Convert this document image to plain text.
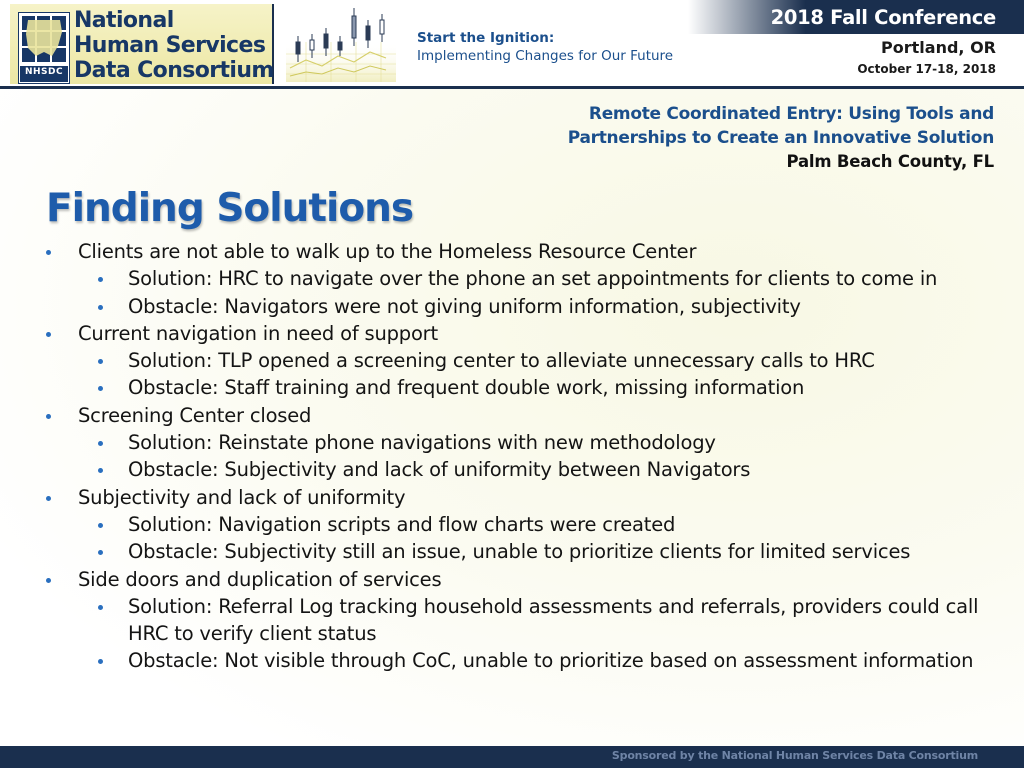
NHSDC
National
Human Services
Data Consortium
Start the Ignition:
Implementing Changes for Our Future
2018 Fall Conference
Portland, OR
October 17-18, 2018
Remote Coordinated Entry: Using Tools and
Partnerships to Create an Innovative Solution
Palm Beach County, FL
Finding Solutions
Clients are not able to walk up to the Homeless Resource Center
Solution: HRC to navigate over the phone an set appointments for clients to come in
Obstacle: Navigators were not giving uniform information, subjectivity
Current navigation in need of support
Solution: TLP opened a screening center to alleviate unnecessary calls to HRC
Obstacle: Staff training and frequent double work, missing information
Screening Center closed
Solution: Reinstate phone navigations with new methodology
Obstacle: Subjectivity and lack of uniformity between Navigators
Subjectivity and lack of uniformity
Solution: Navigation scripts and flow charts were created
Obstacle: Subjectivity still an issue, unable to prioritize clients for limited services
Side doors and duplication of services
Solution: Referral Log tracking household assessments and referrals, providers could call HRC to verify client status
Obstacle: Not visible through CoC, unable to prioritize based on assessment information
Sponsored by the National Human Services Data Consortium
